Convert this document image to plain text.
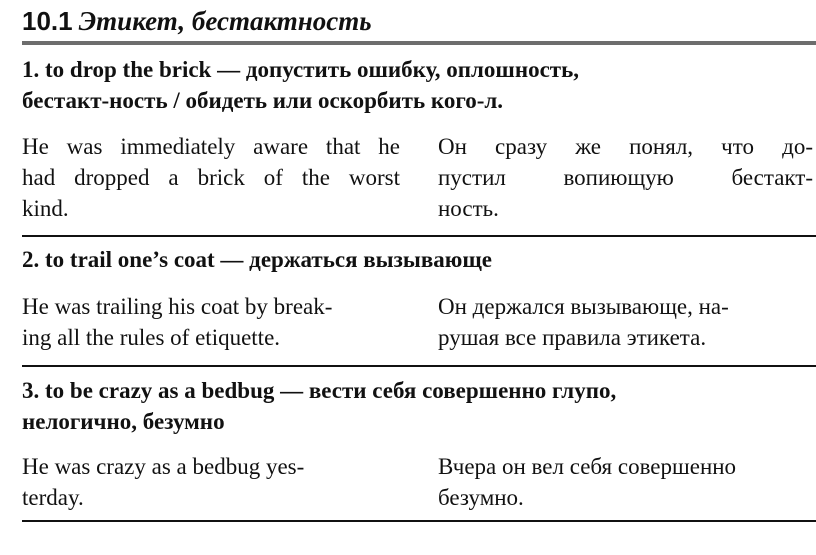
10.1 Этикет, бестактность
1. to drop the brick — допустить ошибку, оплошность,
бестакт-ность / обидеть или оскорбить кого-л.
He was immediately aware that he
had dropped a brick of the worst
kind.
Он сразу же понял, что до-
пустил вопиющую бестакт-
ность.
2. to trail one’s coat — держаться вызывающе
He was trailing his coat by break-
ing all the rules of etiquette.
Он держался вызывающе, на-
рушая все правила этикета.
3. to be crazy as a bedbug — вести себя совершенно глупо,
нелогично, безумно
He was crazy as a bedbug yes-
terday.
Вчера он вел себя совершенно
безумно.
